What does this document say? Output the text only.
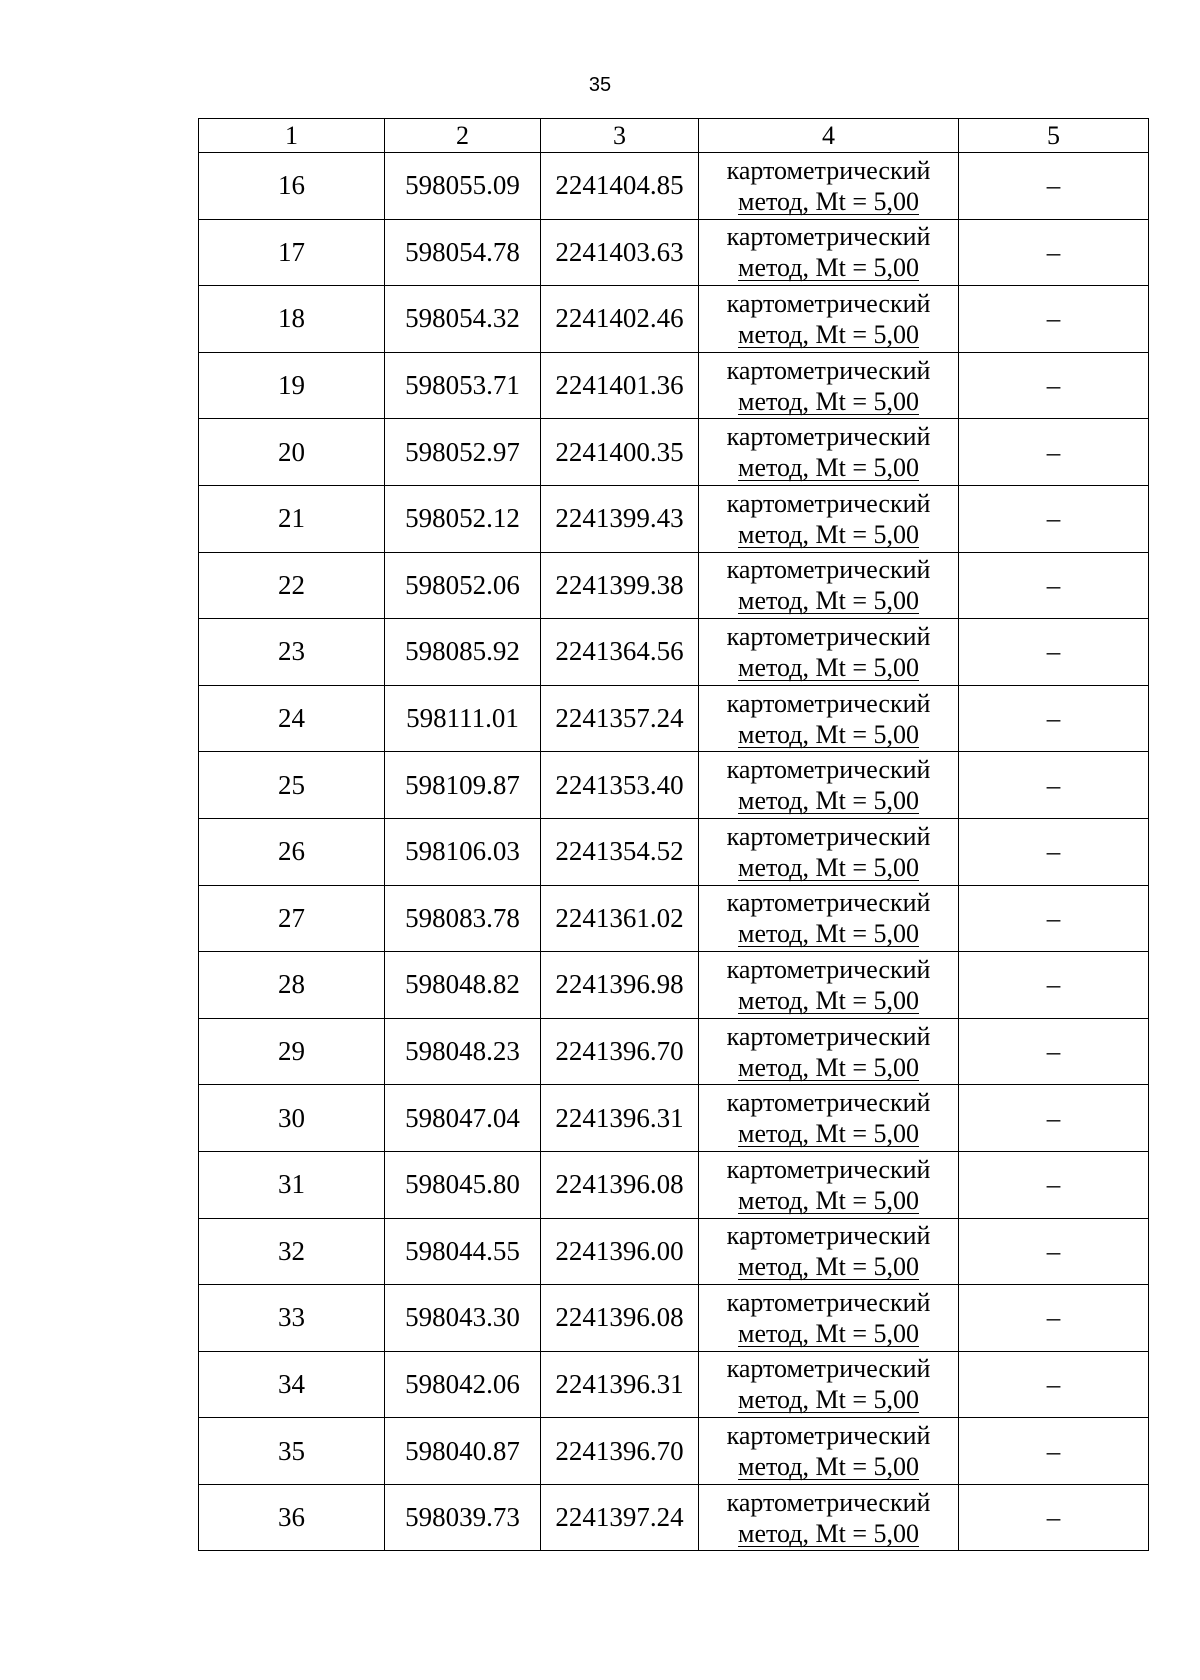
35
1	2	3	4	5
16	598055.09	2241404.85	картометрический
метод, Mt = 5,00	–
17	598054.78	2241403.63	картометрический
метод, Mt = 5,00	–
18	598054.32	2241402.46	картометрический
метод, Mt = 5,00	–
19	598053.71	2241401.36	картометрический
метод, Mt = 5,00	–
20	598052.97	2241400.35	картометрический
метод, Mt = 5,00	–
21	598052.12	2241399.43	картометрический
метод, Mt = 5,00	–
22	598052.06	2241399.38	картометрический
метод, Mt = 5,00	–
23	598085.92	2241364.56	картометрический
метод, Mt = 5,00	–
24	598111.01	2241357.24	картометрический
метод, Mt = 5,00	–
25	598109.87	2241353.40	картометрический
метод, Mt = 5,00	–
26	598106.03	2241354.52	картометрический
метод, Mt = 5,00	–
27	598083.78	2241361.02	картометрический
метод, Mt = 5,00	–
28	598048.82	2241396.98	картометрический
метод, Mt = 5,00	–
29	598048.23	2241396.70	картометрический
метод, Mt = 5,00	–
30	598047.04	2241396.31	картометрический
метод, Mt = 5,00	–
31	598045.80	2241396.08	картометрический
метод, Mt = 5,00	–
32	598044.55	2241396.00	картометрический
метод, Mt = 5,00	–
33	598043.30	2241396.08	картометрический
метод, Mt = 5,00	–
34	598042.06	2241396.31	картометрический
метод, Mt = 5,00	–
35	598040.87	2241396.70	картометрический
метод, Mt = 5,00	–
36	598039.73	2241397.24	картометрический
метод, Mt = 5,00	–
